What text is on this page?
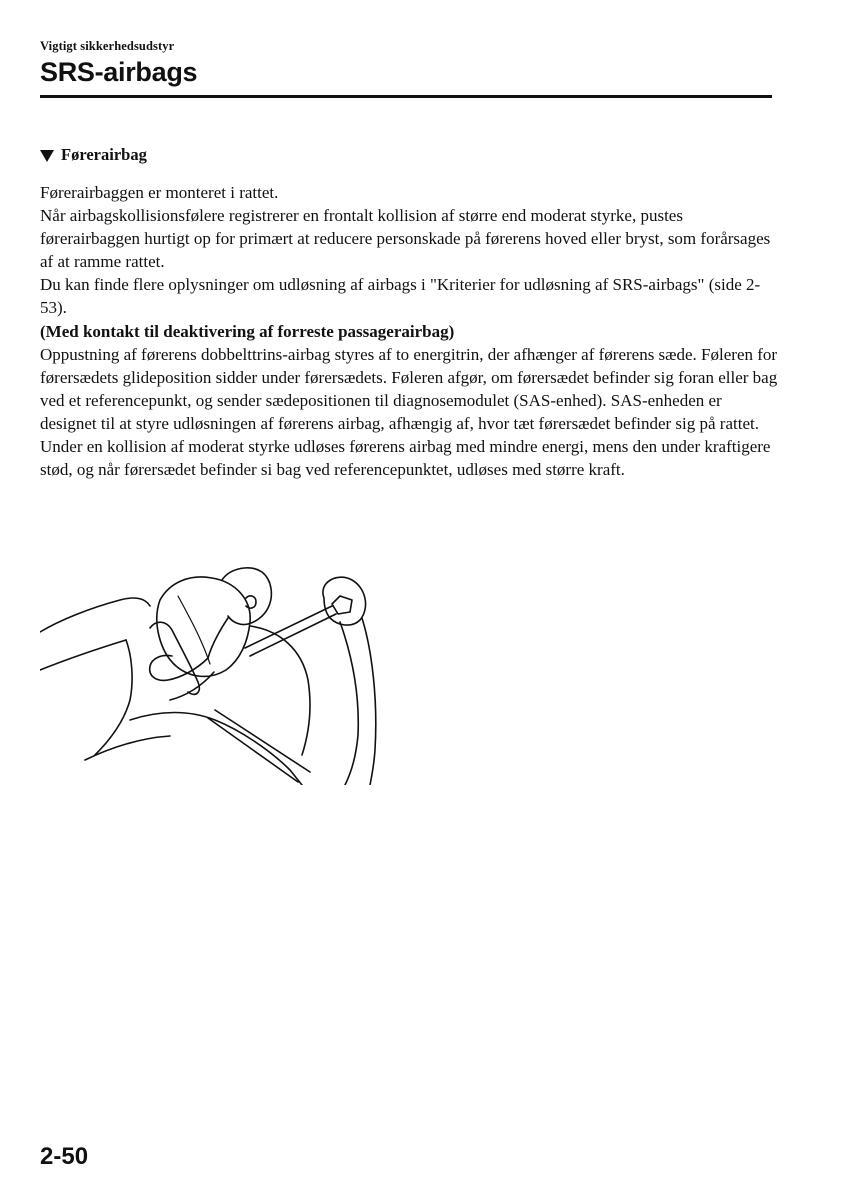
Vigtigt sikkerhedsudstyr
SRS-airbags
Førerairbag

Førerairbaggen er monteret i rattet.

Når airbagskollisionsfølere registrerer en frontalt kollision af større end moderat styrke, pustes førerairbaggen hurtigt op for primært at reducere personskade på førerens hoved eller bryst, som forårsages af at ramme rattet.

Du kan finde flere oplysninger om udløsning af airbags i "Kriterier for udløsning af SRS-airbags" (side 2-53).

(Med kontakt til deaktivering af forreste passagerairbag)

Oppustning af førerens dobbelttrins-airbag styres af to energitrin, der afhænger af førerens sæde. Føleren for førersædets glideposition sidder under førersædets. Føleren afgør, om førersædet befinder sig foran eller bag ved et referencepunkt, og sender sædepositionen til diagnosemodulet (SAS-enhed). SAS-enheden er designet til at styre udløsningen af førerens airbag, afhængig af, hvor tæt førersædet befinder sig på rattet.

Under en kollision af moderat styrke udløses førerens airbag med mindre energi, mens den under kraftigere stød, og når førersædet befinder si bag ved referencepunktet, udløses med større kraft.

2-50
